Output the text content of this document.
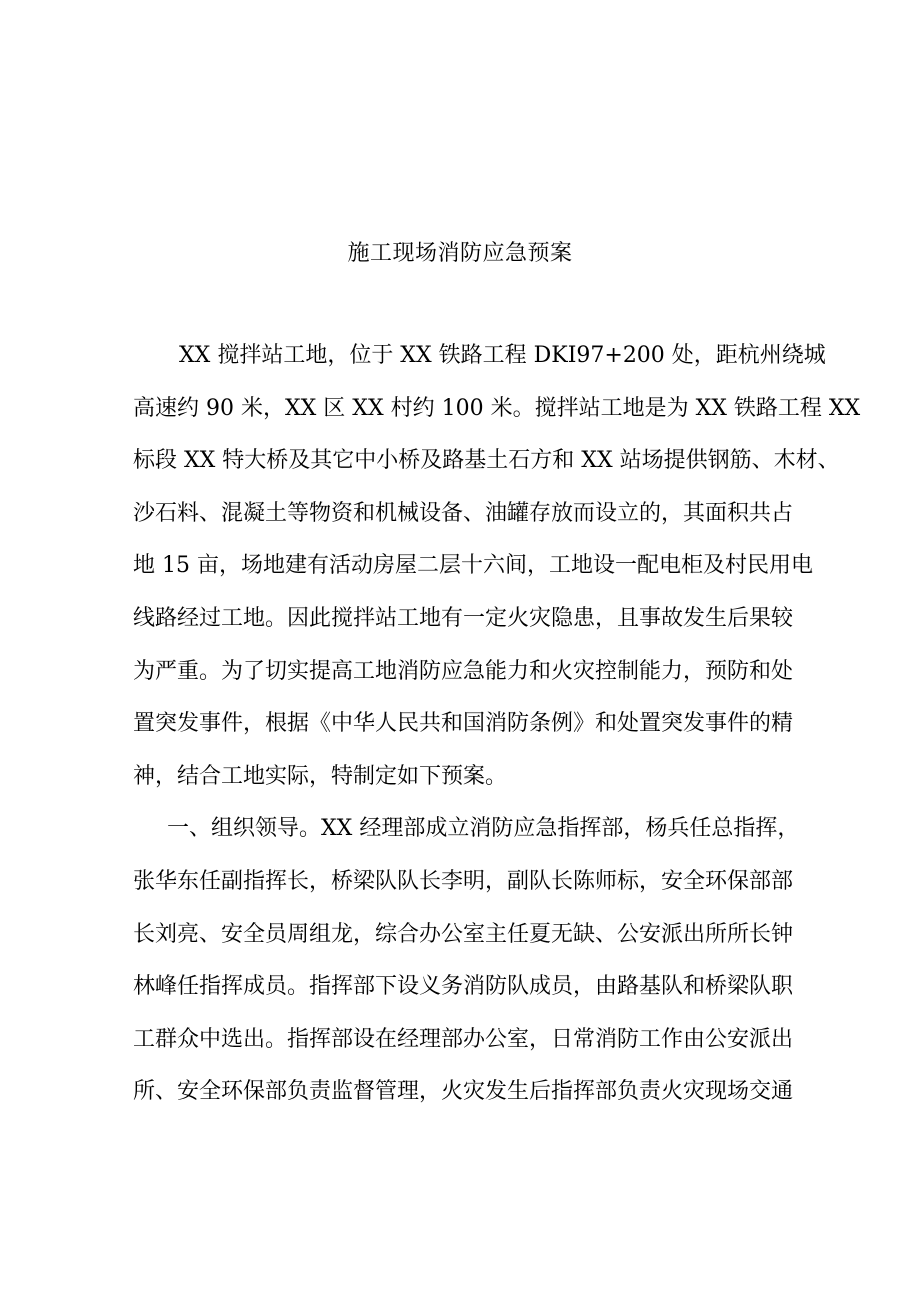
施工现场消防应急预案
XX 搅拌站工地，位于 XX 铁路工程 DKI97+200 处，距杭州绕城
高速约 90 米，XX 区 XX 村约 100 米。搅拌站工地是为 XX 铁路工程 XX
标段 XX 特大桥及其它中小桥及路基土石方和 XX 站场提供钢筋、木材、
沙石料、混凝土等物资和机械设备、油罐存放而设立的，其面积共占
地 15 亩，场地建有活动房屋二层十六间，工地设一配电柜及村民用电
线路经过工地。因此搅拌站工地有一定火灾隐患，且事故发生后果较
为严重。为了切实提高工地消防应急能力和火灾控制能力，预防和处
置突发事件，根据《中华人民共和国消防条例》和处置突发事件的精
神，结合工地实际，特制定如下预案。
一、组织领导。XX 经理部成立消防应急指挥部，杨兵任总指挥，
张华东任副指挥长，桥梁队队长李明，副队长陈师标，安全环保部部
长刘亮、安全员周组龙，综合办公室主任夏无缺、公安派出所所长钟
林峰任指挥成员。指挥部下设义务消防队成员，由路基队和桥梁队职
工群众中选出。指挥部设在经理部办公室，日常消防工作由公安派出
所、安全环保部负责监督管理，火灾发生后指挥部负责火灾现场交通
